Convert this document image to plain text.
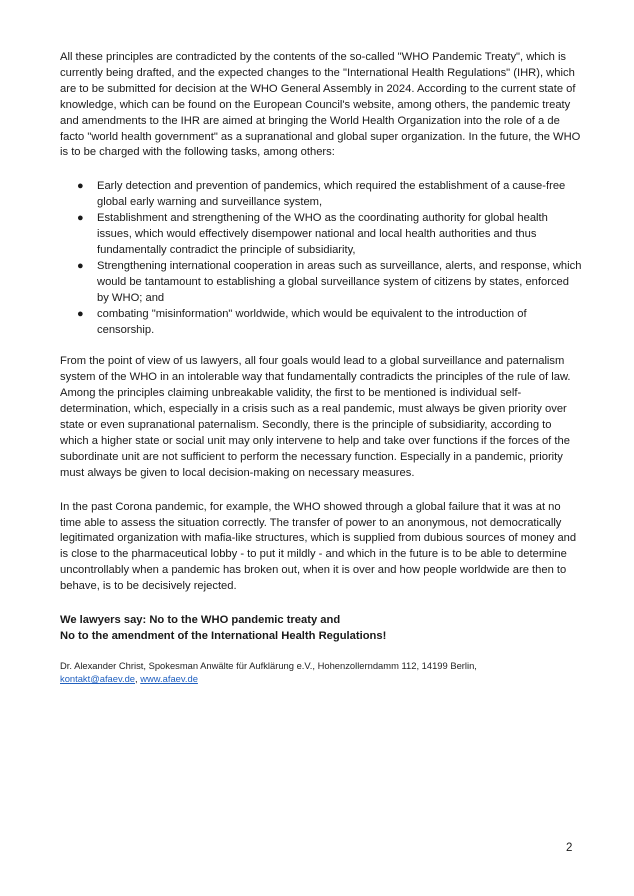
All these principles are contradicted by the contents of the so-called "WHO Pandemic Treaty", which is currently being drafted, and the expected changes to the "International Health Regulations" (IHR), which are to be submitted for decision at the WHO General Assembly in 2024. According to the current state of knowledge, which can be found on the European Council's website, among others, the pandemic treaty and amendments to the IHR are aimed at bringing the World Health Organization into the role of a de facto "world health government" as a supranational and global super organization. In the future, the WHO is to be charged with the following tasks, among others:

● Early detection and prevention of pandemics, which required the establishment of a cause-free global early warning and surveillance system,
● Establishment and strengthening of the WHO as the coordinating authority for global health issues, which would effectively disempower national and local health authorities and thus fundamentally contradict the principle of subsidiarity,
● Strengthening international cooperation in areas such as surveillance, alerts, and response, which would be tantamount to establishing a global surveillance system of citizens by states, enforced by WHO; and
● combating "misinformation" worldwide, which would be equivalent to the introduction of censorship.

From the point of view of us lawyers, all four goals would lead to a global surveillance and paternalism system of the WHO in an intolerable way that fundamentally contradicts the principles of the rule of law. Among the principles claiming unbreakable validity, the first to be mentioned is individual self-determination, which, especially in a crisis such as a real pandemic, must always be given priority over state or even supranational paternalism. Secondly, there is the principle of subsidiarity, according to which a higher state or social unit may only intervene to help and take over functions if the forces of the subordinate unit are not sufficient to perform the necessary function. Especially in a pandemic, priority must always be given to local decision-making on necessary measures.

In the past Corona pandemic, for example, the WHO showed through a global failure that it was at no time able to assess the situation correctly. The transfer of power to an anonymous, not democratically legitimated organization with mafia-like structures, which is supplied from dubious sources of money and is close to the pharmaceutical lobby - to put it mildly - and which in the future is to be able to determine uncontrollably when a pandemic has broken out, when it is over and how people worldwide are then to behave, is to be decisively rejected.

We lawyers say: No to the WHO pandemic treaty and
No to the amendment of the International Health Regulations!

Dr. Alexander Christ, Spokesman Anwälte für Aufklärung e.V., Hohenzollerndamm 112, 14199 Berlin,
kontakt@afaev.de, www.afaev.de

2
